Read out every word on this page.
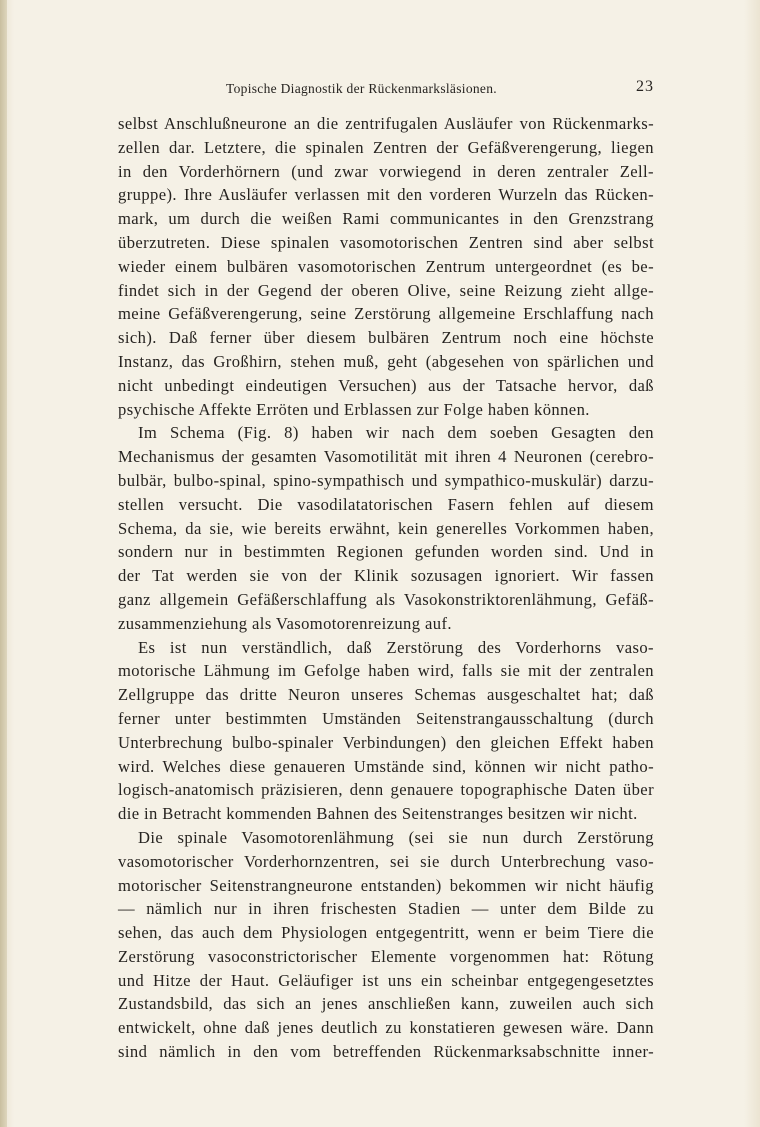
Topische Diagnostik der Rückenmarksläsionen.	23
selbst Anschlußneurone an die zentrifugalen Ausläufer von Rückenmarks-
zellen dar. Letztere, die spinalen Zentren der Gefäßverengerung, liegen
in den Vorderhörnern (und zwar vorwiegend in deren zentraler Zell-
gruppe). Ihre Ausläufer verlassen mit den vorderen Wurzeln das Rücken-
mark, um durch die weißen Rami communicantes in den Grenzstrang
überzutreten. Diese spinalen vasomotorischen Zentren sind aber selbst
wieder einem bulbären vasomotorischen Zentrum untergeordnet (es be-
findet sich in der Gegend der oberen Olive, seine Reizung zieht allge-
meine Gefäßverengerung, seine Zerstörung allgemeine Erschlaffung nach
sich). Daß ferner über diesem bulbären Zentrum noch eine höchste
Instanz, das Großhirn, stehen muß, geht (abgesehen von spärlichen und
nicht unbedingt eindeutigen Versuchen) aus der Tatsache hervor, daß
psychische Affekte Erröten und Erblassen zur Folge haben können.
Im Schema (Fig. 8) haben wir nach dem soeben Gesagten den
Mechanismus der gesamten Vasomotilität mit ihren 4 Neuronen (cerebro-
bulbär, bulbo-spinal, spino-sympathisch und sympathico-muskulär) darzu-
stellen versucht. Die vasodilatatorischen Fasern fehlen auf diesem
Schema, da sie, wie bereits erwähnt, kein generelles Vorkommen haben,
sondern nur in bestimmten Regionen gefunden worden sind. Und in
der Tat werden sie von der Klinik sozusagen ignoriert. Wir fassen
ganz allgemein Gefäßerschlaffung als Vasokonstriktorenlähmung, Gefäß-
zusammenziehung als Vasomotorenreizung auf.
Es ist nun verständlich, daß Zerstörung des Vorderhorns vaso-
motorische Lähmung im Gefolge haben wird, falls sie mit der zentralen
Zellgruppe das dritte Neuron unseres Schemas ausgeschaltet hat; daß
ferner unter bestimmten Umständen Seitenstrangausschaltung (durch
Unterbrechung bulbo-spinaler Verbindungen) den gleichen Effekt haben
wird. Welches diese genaueren Umstände sind, können wir nicht patho-
logisch-anatomisch präzisieren, denn genauere topographische Daten über
die in Betracht kommenden Bahnen des Seitenstranges besitzen wir nicht.
Die spinale Vasomotorenlähmung (sei sie nun durch Zerstörung
vasomotorischer Vorderhornzentren, sei sie durch Unterbrechung vaso-
motorischer Seitenstrangneurone entstanden) bekommen wir nicht häufig
— nämlich nur in ihren frischesten Stadien — unter dem Bilde zu
sehen, das auch dem Physiologen entgegentritt, wenn er beim Tiere die
Zerstörung vasoconstrictorischer Elemente vorgenommen hat: Rötung
und Hitze der Haut. Geläufiger ist uns ein scheinbar entgegengesetztes
Zustandsbild, das sich an jenes anschließen kann, zuweilen auch sich
entwickelt, ohne daß jenes deutlich zu konstatieren gewesen wäre. Dann
sind nämlich in den vom betreffenden Rückenmarksabschnitte inner-
